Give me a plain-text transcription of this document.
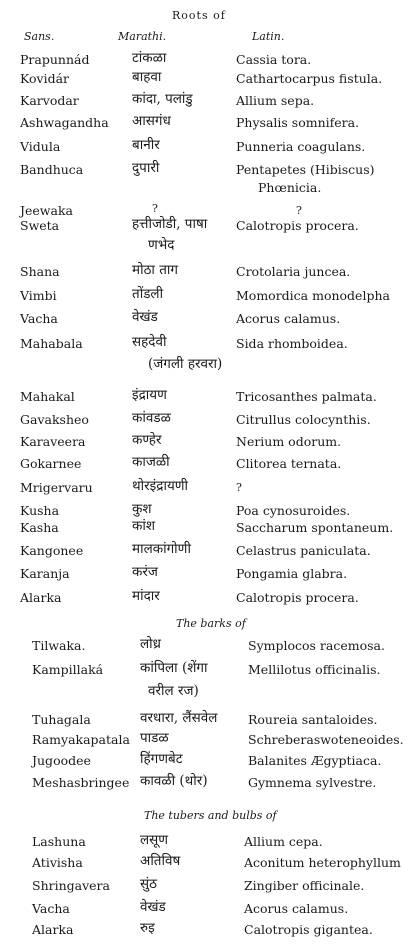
Roots of
Sans.	Marathi.	Latin.
Prapunnád	टांकळा	Cassia tora.
Kovidár	बाहवा	Cathartocarpus fistula.
Karvodar	कांदा, पलांडु	Allium sepa.
Ashwagandha आसगंध	Physalis somnifera.
Vidula	बानीर	Punneria coagulans.
Bandhuca	दुपारी	Pentapetes (Hibiscus)
Phœnicia.
Jeewaka	?	?
Sweta	हत्तीजोडी, पाषा Calotropis procera.
णभेद
Shana	मोठा ताग	Crotolaria juncea.
Vimbi	तोंडली	Momordica monodelpha
Vacha	वेखंड	Acorus calamus.
Mahabala	सहदेवी	Sida rhomboidea.
(जंगली हरवरा)
Mahakal	इंद्रायण	Tricosanthes palmata.
Gavaksheo	कांवडळ	Citrullus colocynthis.
Karaveera	कण्हेर	Nerium odorum.
Gokarnee	काजळी	Clitorea ternata.
Mrigervaru	थोरइंद्रायणी	?
Kusha	कुश	Poa cynosuroides.
Kasha	कांश	Saccharum spontaneum.
Kangonee	मालकांगोणी	Celastrus paniculata.
Karanja	करंज	Pongamia glabra.
Alarka	मांदार	Calotropis procera.
The barks of
Tilwaka.	लोध्र	Symplocos racemosa.
Kampillaká	कांपिला (शेंगा	Mellilotus officinalis.
वरील रज)
Tuhagala	वरधारा, लैंसवेल Roureia santaloides.
Ramyakapatala पाडळ	Schreberaswoteneoides.
Jugoodee	हिंगणबेट	Balanites Ægyptiaca.
Meshasbringee कावळी (थोर)	Gymnema sylvestre.
The tubers and bulbs of
Lashuna	लसूण	Allium cepa.
Ativisha	अतिविष	Aconitum heterophyllum
Shringavera सुंठ	Zingiber officinale.
Vacha	वेखंड	Acorus calamus.
Alarka	रुइ	Calotropis gigantea.
